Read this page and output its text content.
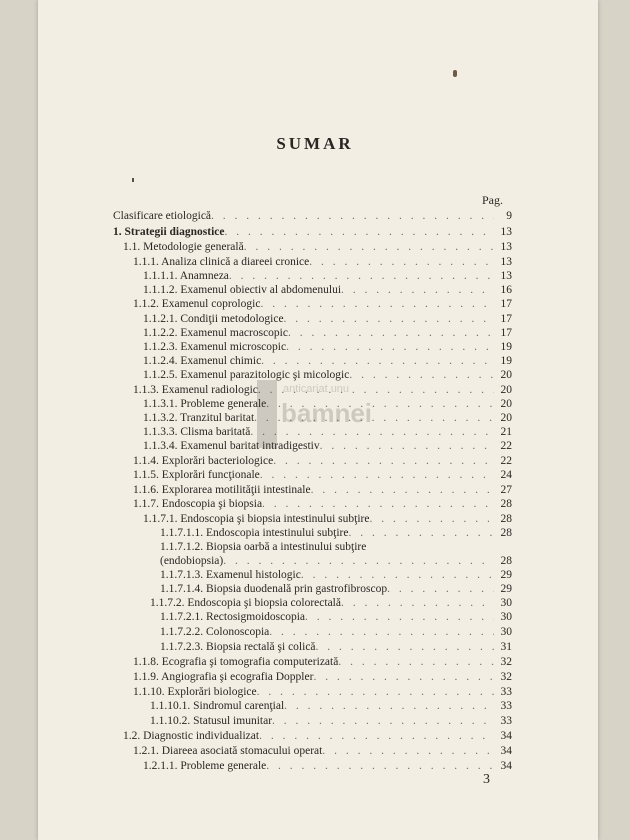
SUMAR
Pag.
Clasificare etiologică . . .	9
1. Strategii diagnostice . . .	13
1.1. Metodologie generală . . .	13
1.1.1. Analiza clinică a diareei cronice . . .	13
1.1.1.1. Anamneza . . .	13
1.1.1.2. Examenul obiectiv al abdomenului . . .	16
1.1.2. Examenul coprologic . . .	17
1.1.2.1. Condiţii metodologice . . .	17
1.1.2.2. Examenul macroscopic . . .	17
1.1.2.3. Examenul microscopic . . .	19
1.1.2.4. Examenul chimic . . .	19
1.1.2.5. Examenul parazitologic şi micologic . . .	20
1.1.3. Examenul radiologic . . .	20
1.1.3.1. Probleme generale . . .	20
1.1.3.2. Tranzitul baritat . . .	20
1.1.3.3. Clisma baritată . . .	21
1.1.3.4. Examenul baritat intradigestiv . . .	22
1.1.4. Explorări bacteriologice . . .	22
1.1.5. Explorări funcţionale . . .	24
1.1.6. Explorarea motilităţii intestinale . . .	27
1.1.7. Endoscopia şi biopsia . . .	28
1.1.7.1. Endoscopia şi biopsia intestinului subţire . . .	28
1.1.7.1.1. Endoscopia intestinului subţire . . .	28
1.1.7.1.2. Biopsia oarbă a intestinului subţire
(endobiopsia) . . .	28
1.1.7.1.3. Examenul histologic . . .	29
1.1.7.1.4. Biopsia duodenală prin gastrofibroscop . . .	29
1.1.7.2. Endoscopia şi biopsia colorectală . . .	30
1.1.7.2.1. Rectosigmoidoscopia . . .	30
1.1.7.2.2. Colonoscopia . . .	30
1.1.7.2.3. Biopsia rectală şi colică . . .	31
1.1.8. Ecografia şi tomografia computerizată . . .	32
1.1.9. Angiografia şi ecografia Doppler . . .	32
1.1.10. Explorări biologice . . .	33
1.1.10.1. Sindromul carenţial . . .	33
1.1.10.2. Statusul imunitar . . .	33
1.2. Diagnostic individualizat . . .	34
1.2.1. Diareea asociată stomacului operat . . .	34
1.2.1.1. Probleme generale . . .	34
3
anticariat unu
bamnei
